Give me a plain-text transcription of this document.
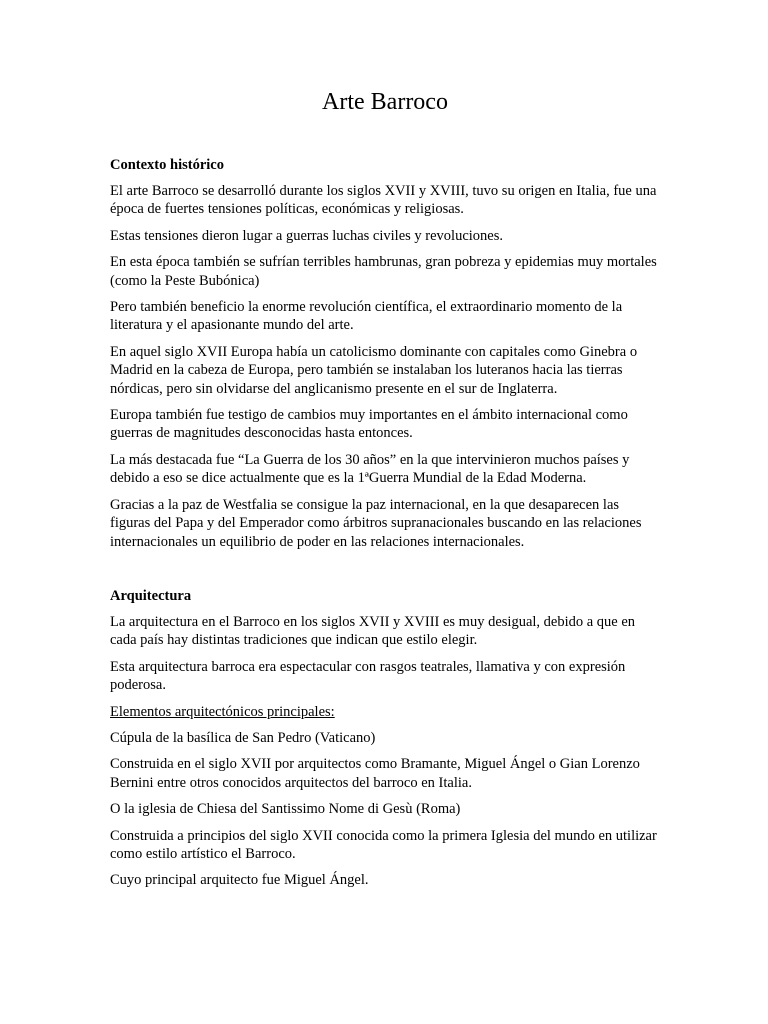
Arte Barroco
Contexto histórico

El arte Barroco se desarrolló durante los siglos XVII y XVIII, tuvo su origen en Italia, fue una época de fuertes tensiones políticas, económicas y religiosas.

Estas tensiones dieron lugar a guerras luchas civiles y revoluciones.

En esta época también se sufrían terribles hambrunas, gran pobreza y epidemias muy mortales (como la Peste Bubónica)

Pero también beneficio la enorme revolución científica, el extraordinario momento de la literatura y el apasionante mundo del arte.

En aquel siglo XVII Europa había un catolicismo dominante con capitales como Ginebra o Madrid en la cabeza de Europa, pero también se instalaban los luteranos hacia las tierras nórdicas, pero sin olvidarse del anglicanismo presente en el sur de Inglaterra.

Europa también fue testigo de cambios muy importantes en el ámbito internacional como guerras de magnitudes desconocidas hasta entonces.

La más destacada fue “La Guerra de los 30 años” en la que intervinieron muchos países y debido a eso se dice actualmente que es la 1ªGuerra Mundial de la Edad Moderna.

Gracias a la paz de Westfalia se consigue la paz internacional, en la que desaparecen las figuras del Papa y del Emperador como árbitros supranacionales buscando en las relaciones internacionales un equilibrio de poder en las relaciones internacionales.

Arquitectura

La arquitectura en el Barroco en los siglos XVII y XVIII es muy desigual, debido a que en cada país hay distintas tradiciones que indican que estilo elegir.

Esta arquitectura barroca era espectacular con rasgos teatrales, llamativa y con expresión poderosa.

Elementos arquitectónicos principales:

Cúpula de la basílica de San Pedro (Vaticano)

Construida en el siglo XVII por arquitectos como Bramante, Miguel Ángel o Gian Lorenzo Bernini entre otros conocidos arquitectos del barroco en Italia.

O la iglesia de Chiesa del Santissimo Nome di Gesù (Roma)

Construida a principios del siglo XVII conocida como la primera Iglesia del mundo en utilizar como estilo artístico el Barroco.

Cuyo principal arquitecto fue Miguel Ángel.
